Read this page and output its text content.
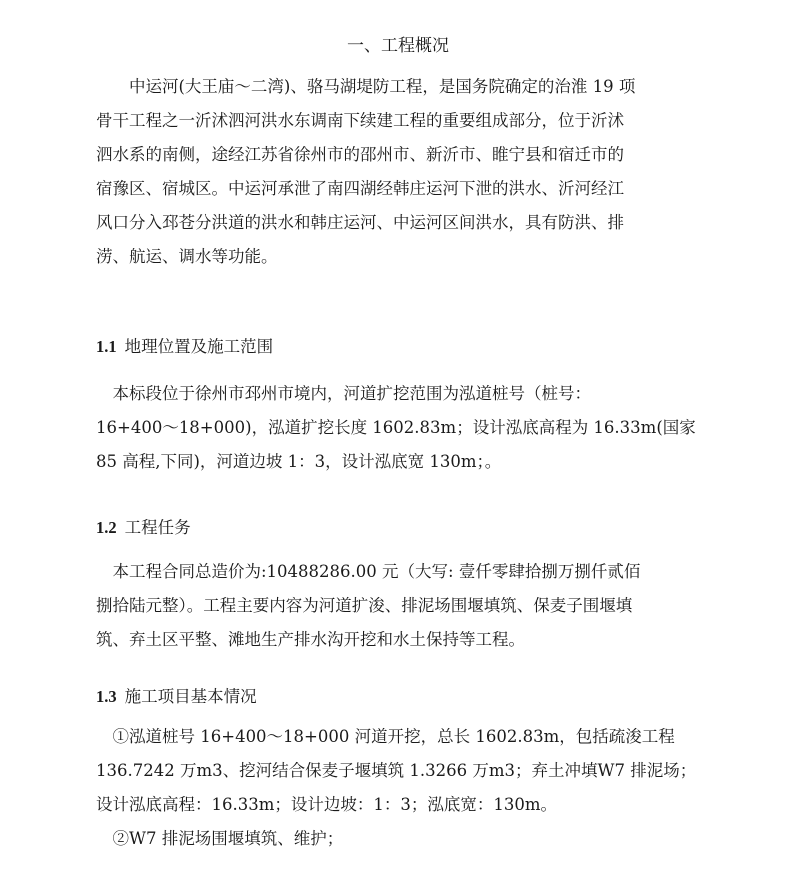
一、工程概况
　　中运河(大王庙～二湾)、骆马湖堤防工程，是国务院确定的治淮 19 项
骨干工程之一沂沭泗河洪水东调南下续建工程的重要组成部分，位于沂沭
泗水系的南侧，途经江苏省徐州市的邵州市、新沂市、睢宁县和宿迁市的
宿豫区、宿城区。中运河承泄了南四湖经韩庄运河下泄的洪水、沂河经江
风口分入邳苍分洪道的洪水和韩庄运河、中运河区间洪水，具有防洪、排
涝、航运、调水等功能。
1.1 地理位置及施工范围
　本标段位于徐州市邳州市境内，河道扩挖范围为泓道桩号（桩号：
16+400～18+000)，泓道扩挖长度 1602.83m；设计泓底高程为 16.33m(国家
85 高程,下同)，河道边坡 1：3，设计泓底宽 130m；。
1.2 工程任务
　本工程合同总造价为:10488286.00 元（大写: 壹仟零肆拾捌万捌仟贰佰
捌拾陆元整）。工程主要内容为河道扩浚、排泥场围堰填筑、保麦子围堰填
筑、弃土区平整、滩地生产排水沟开挖和水土保持等工程。
1.3 施工项目基本情况
　①泓道桩号 16+400～18+000 河道开挖，总长 1602.83m，包括疏浚工程
136.7242 万m3、挖河结合保麦子堰填筑 1.3266 万m3；弃土冲填W7 排泥场；
设计泓底高程：16.33m；设计边坡：1：3；泓底宽：130m。
　②W7 排泥场围堰填筑、维护；
